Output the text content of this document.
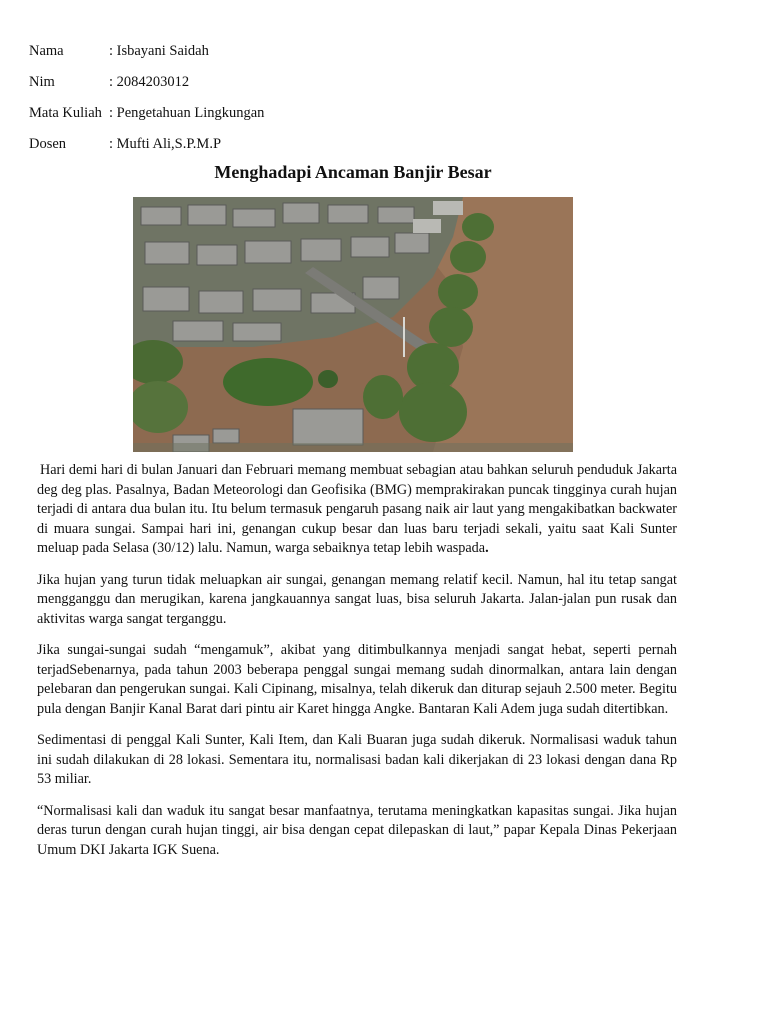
Nama	: Isbayani Saidah
Nim	: 2084203012
Mata Kuliah : Pengetahuan Lingkungan
Dosen	: Mufti Ali,S.P.M.P
Menghadapi Ancaman Banjir Besar

Hari demi hari di bulan Januari dan Februari memang membuat sebagian atau bahkan seluruh penduduk Jakarta deg deg plas. Pasalnya, Badan Meteorologi dan Geofisika (BMG) memprakirakan puncak tingginya curah hujan terjadi di antara dua bulan itu. Itu belum termasuk pengaruh pasang naik air laut yang mengakibatkan backwater di muara sungai. Sampai hari ini, genangan cukup besar dan luas baru terjadi sekali, yaitu saat Kali Sunter meluap pada Selasa (30/12) lalu. Namun, warga sebaiknya tetap lebih waspada.

Jika hujan yang turun tidak meluapkan air sungai, genangan memang relatif kecil. Namun, hal itu tetap sangat mengganggu dan merugikan, karena jangkauannya sangat luas, bisa seluruh Jakarta. Jalan-jalan pun rusak dan aktivitas warga sangat terganggu.

Jika sungai-sungai sudah “mengamuk”, akibat yang ditimbulkannya menjadi sangat hebat, seperti pernah terjadSebenarnya, pada tahun 2003 beberapa penggal sungai memang sudah dinormalkan, antara lain dengan pelebaran dan pengerukan sungai. Kali Cipinang, misalnya, telah dikeruk dan diturap sejauh 2.500 meter. Begitu pula dengan Banjir Kanal Barat dari pintu air Karet hingga Angke. Bantaran Kali Adem juga sudah ditertibkan.

Sedimentasi di penggal Kali Sunter, Kali Item, dan Kali Buaran juga sudah dikeruk. Normalisasi waduk tahun ini sudah dilakukan di 28 lokasi. Sementara itu, normalisasi badan kali dikerjakan di 23 lokasi dengan dana Rp 53 miliar.

“Normalisasi kali dan waduk itu sangat besar manfaatnya, terutama meningkatkan kapasitas sungai. Jika hujan deras turun dengan curah hujan tinggi, air bisa dengan cepat dilepaskan di laut,” papar Kepala Dinas Pekerjaan Umum DKI Jakarta IGK Suena.
